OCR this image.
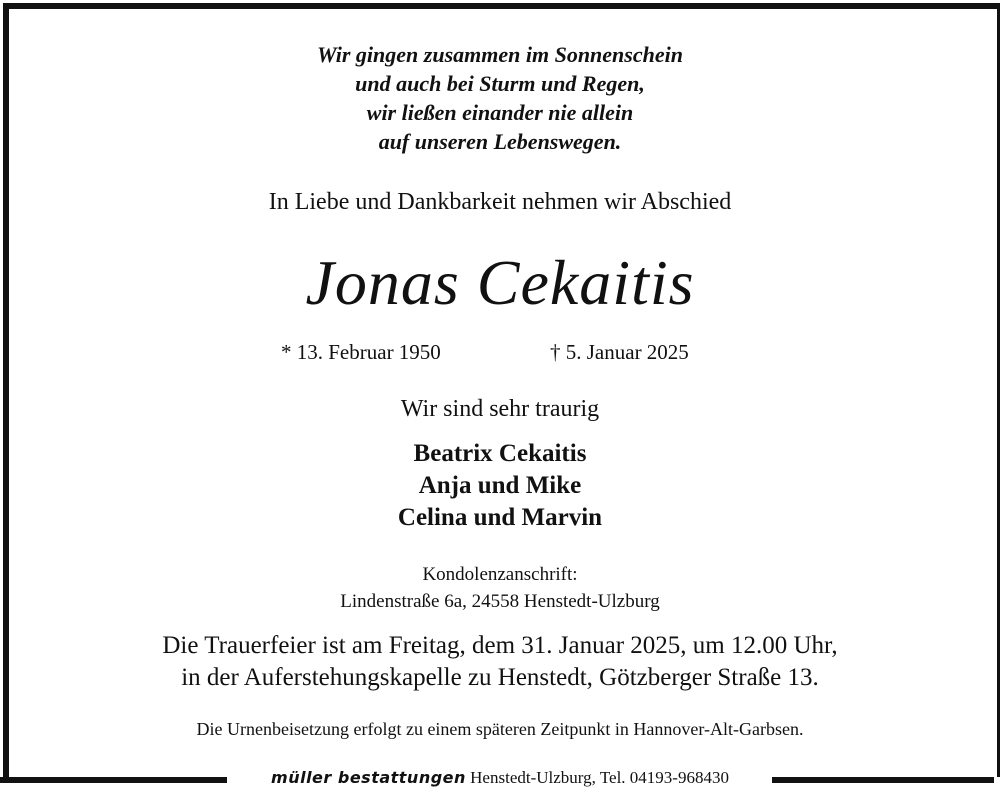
Wir gingen zusammen im Sonnenschein
und auch bei Sturm und Regen,
wir ließen einander nie allein
auf unseren Lebenswegen.
In Liebe und Dankbarkeit nehmen wir Abschied
Jonas Cekaitis
* 13. Februar 1950	† 5. Januar 2025
Wir sind sehr traurig
Beatrix Cekaitis
Anja und Mike
Celina und Marvin
Kondolenzanschrift:
Lindenstraße 6a, 24558 Henstedt-Ulzburg
Die Trauerfeier ist am Freitag, dem 31. Januar 2025, um 12.00 Uhr,
in der Auferstehungskapelle zu Henstedt, Götzberger Straße 13.
Die Urnenbeisetzung erfolgt zu einem späteren Zeitpunkt in Hannover-Alt-Garbsen.
müller bestattungen Henstedt-Ulzburg, Tel. 04193-968430
